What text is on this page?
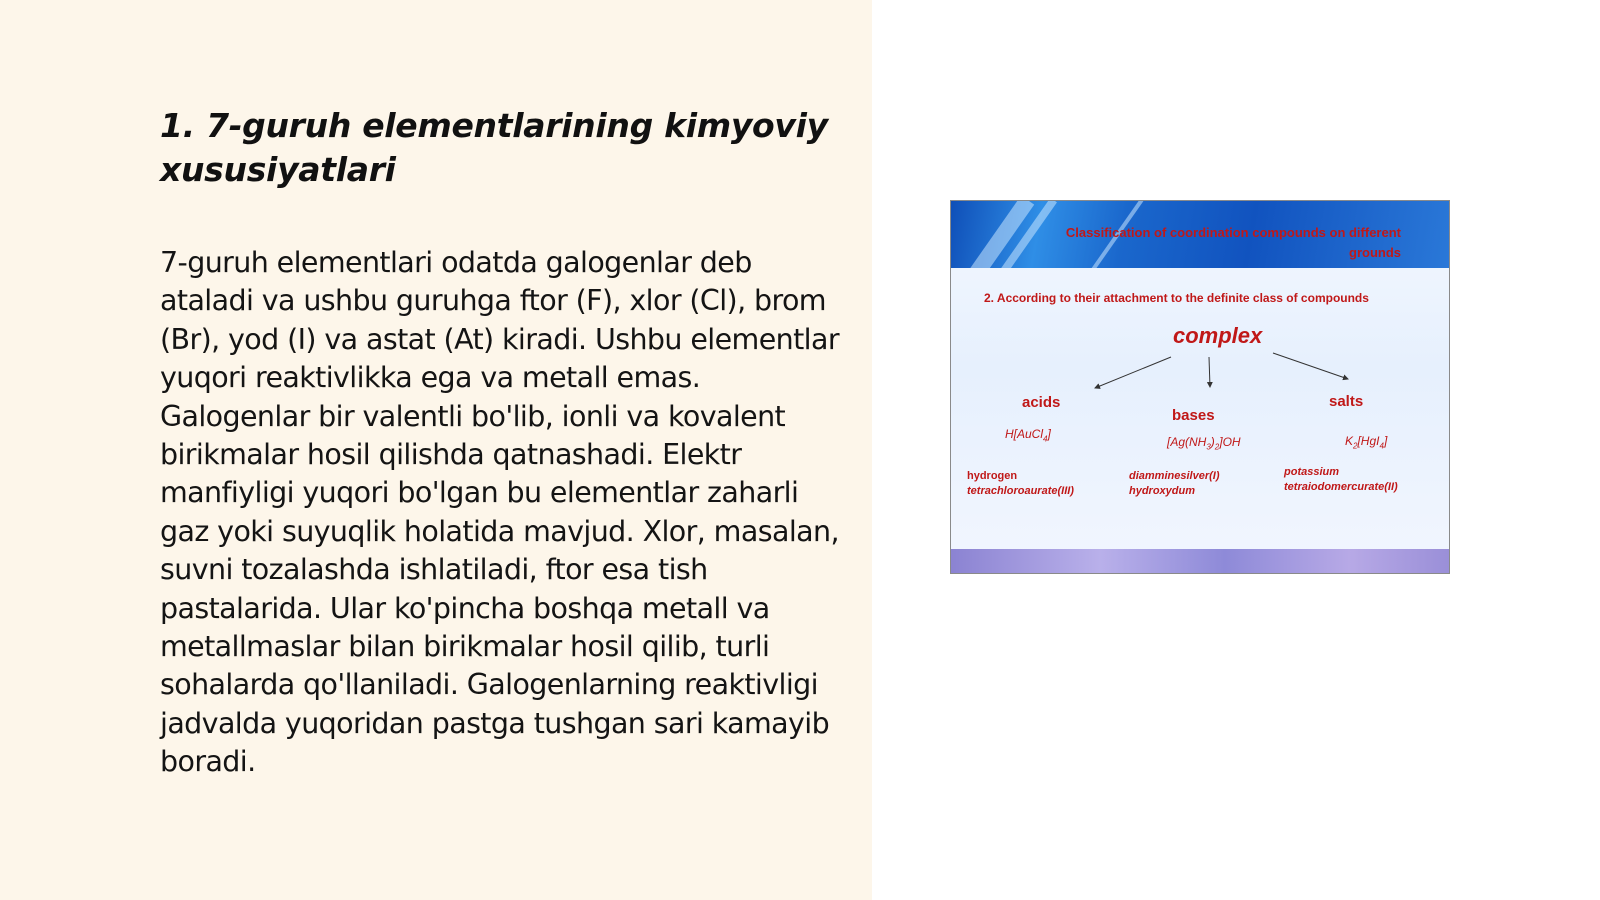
1. 7-guruh elementlarining kimyoviy xususiyatlari

7-guruh elementlari odatda galogenlar deb ataladi va ushbu guruhga ftor (F), xlor (Cl), brom (Br), yod (I) va astat (At) kiradi. Ushbu elementlar yuqori reaktivlikka ega va metall emas. Galogenlar bir valentli bo'lib, ionli va kovalent birikmalar hosil qilishda qatnashadi. Elektr manfiyligi yuqori bo'lgan bu elementlar zaharli gaz yoki suyuqlik holatida mavjud. Xlor, masalan, suvni tozalashda ishlatiladi, ftor esa tish pastalarida. Ular ko'pincha boshqa metall va metallmaslar bilan birikmalar hosil qilib, turli sohalarda qo'llaniladi. Galogenlarning reaktivligi jadvalda yuqoridan pastga tushgan sari kamayib boradi.

Classification of coordination compounds on different grounds
2. According to their attachment to the definite class of compounds
complex
acids
bases
salts
H[AuCl$_4$]
$[Ag(NH_3)_2]OH$	$K_2[HgI_4]$
hydrogen
tetrachloroaurate(III)
diamminesilver(I)
hydroxydum
potassium
tetraiodomercurate(II)
